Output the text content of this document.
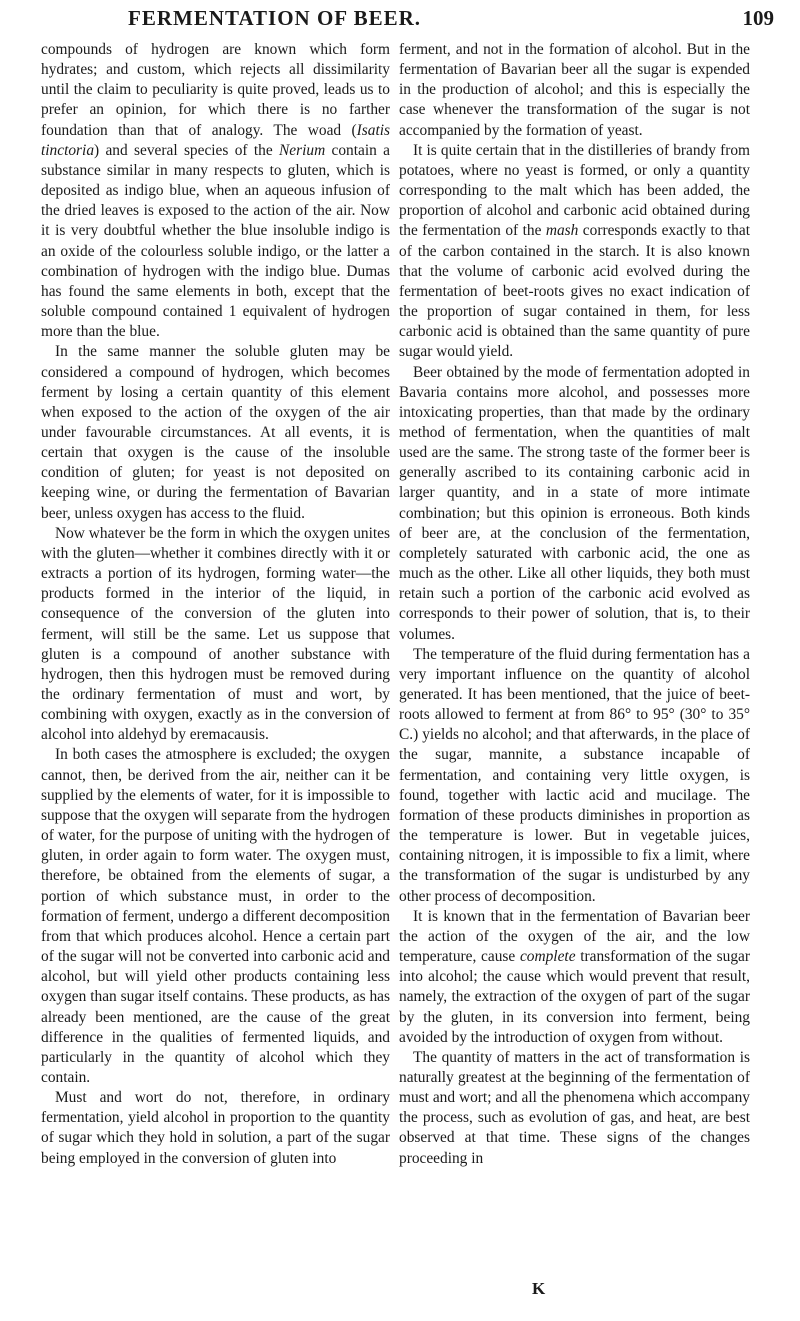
FERMENTATION OF BEER.	109

compounds of hydrogen are known which form hydrates; and custom, which rejects all dissimilarity until the claim to peculiarity is quite proved, leads us to prefer an opinion, for which there is no farther foundation than that of analogy. The woad (Isatis tinctoria) and several species of the Nerium contain a substance similar in many respects to gluten, which is deposited as indigo blue, when an aqueous infusion of the dried leaves is exposed to the action of the air. Now it is very doubtful whether the blue insoluble indigo is an oxide of the colourless soluble indigo, or the latter a combination of hydrogen with the indigo blue. Dumas has found the same elements in both, except that the soluble compound contained 1 equivalent of hydrogen more than the blue.

In the same manner the soluble gluten may be considered a compound of hydrogen, which becomes ferment by losing a certain quantity of this element when exposed to the action of the oxygen of the air under favourable circumstances. At all events, it is certain that oxygen is the cause of the insoluble condition of gluten; for yeast is not deposited on keeping wine, or during the fermentation of Bavarian beer, unless oxygen has access to the fluid.

Now whatever be the form in which the oxygen unites with the gluten—whether it combines directly with it or extracts a portion of its hydrogen, forming water—the products formed in the interior of the liquid, in consequence of the conversion of the gluten into ferment, will still be the same. Let us suppose that gluten is a compound of another substance with hydrogen, then this hydrogen must be removed during the ordinary fermentation of must and wort, by combining with oxygen, exactly as in the conversion of alcohol into aldehyd by eremacausis.

In both cases the atmosphere is excluded; the oxygen cannot, then, be derived from the air, neither can it be supplied by the elements of water, for it is impossible to suppose that the oxygen will separate from the hydrogen of water, for the purpose of uniting with the hydrogen of gluten, in order again to form water. The oxygen must, therefore, be obtained from the elements of sugar, a portion of which substance must, in order to the formation of ferment, undergo a different decomposition from that which produces alcohol. Hence a certain part of the sugar will not be converted into carbonic acid and alcohol, but will yield other products containing less oxygen than sugar itself contains. These products, as has already been mentioned, are the cause of the great difference in the qualities of fermented liquids, and particularly in the quantity of alcohol which they contain.

Must and wort do not, therefore, in ordinary fermentation, yield alcohol in proportion to the quantity of sugar which they hold in solution, a part of the sugar being employed in the conversion of gluten into

ferment, and not in the formation of alcohol. But in the fermentation of Bavarian beer all the sugar is expended in the production of alcohol; and this is especially the case whenever the transformation of the sugar is not accompanied by the formation of yeast.

It is quite certain that in the distilleries of brandy from potatoes, where no yeast is formed, or only a quantity corresponding to the malt which has been added, the proportion of alcohol and carbonic acid obtained during the fermentation of the mash corresponds exactly to that of the carbon contained in the starch. It is also known that the volume of carbonic acid evolved during the fermentation of beet-roots gives no exact indication of the proportion of sugar contained in them, for less carbonic acid is obtained than the same quantity of pure sugar would yield.

Beer obtained by the mode of fermentation adopted in Bavaria contains more alcohol, and possesses more intoxicating properties, than that made by the ordinary method of fermentation, when the quantities of malt used are the same. The strong taste of the former beer is generally ascribed to its containing carbonic acid in larger quantity, and in a state of more intimate combination; but this opinion is erroneous. Both kinds of beer are, at the conclusion of the fermentation, completely saturated with carbonic acid, the one as much as the other. Like all other liquids, they both must retain such a portion of the carbonic acid evolved as corresponds to their power of solution, that is, to their volumes.

The temperature of the fluid during fermentation has a very important influence on the quantity of alcohol generated. It has been mentioned, that the juice of beet-roots allowed to ferment at from 86° to 95° (30° to 35° C.) yields no alcohol; and that afterwards, in the place of the sugar, mannite, a substance incapable of fermentation, and containing very little oxygen, is found, together with lactic acid and mucilage. The formation of these products diminishes in proportion as the temperature is lower. But in vegetable juices, containing nitrogen, it is impossible to fix a limit, where the transformation of the sugar is undisturbed by any other process of decomposition.

It is known that in the fermentation of Bavarian beer the action of the oxygen of the air, and the low temperature, cause complete transformation of the sugar into alcohol; the cause which would prevent that result, namely, the extraction of the oxygen of part of the sugar by the gluten, in its conversion into ferment, being avoided by the introduction of oxygen from without.

The quantity of matters in the act of transformation is naturally greatest at the beginning of the fermentation of must and wort; and all the phenomena which accompany the process, such as evolution of gas, and heat, are best observed at that time. These signs of the changes proceeding in

K
